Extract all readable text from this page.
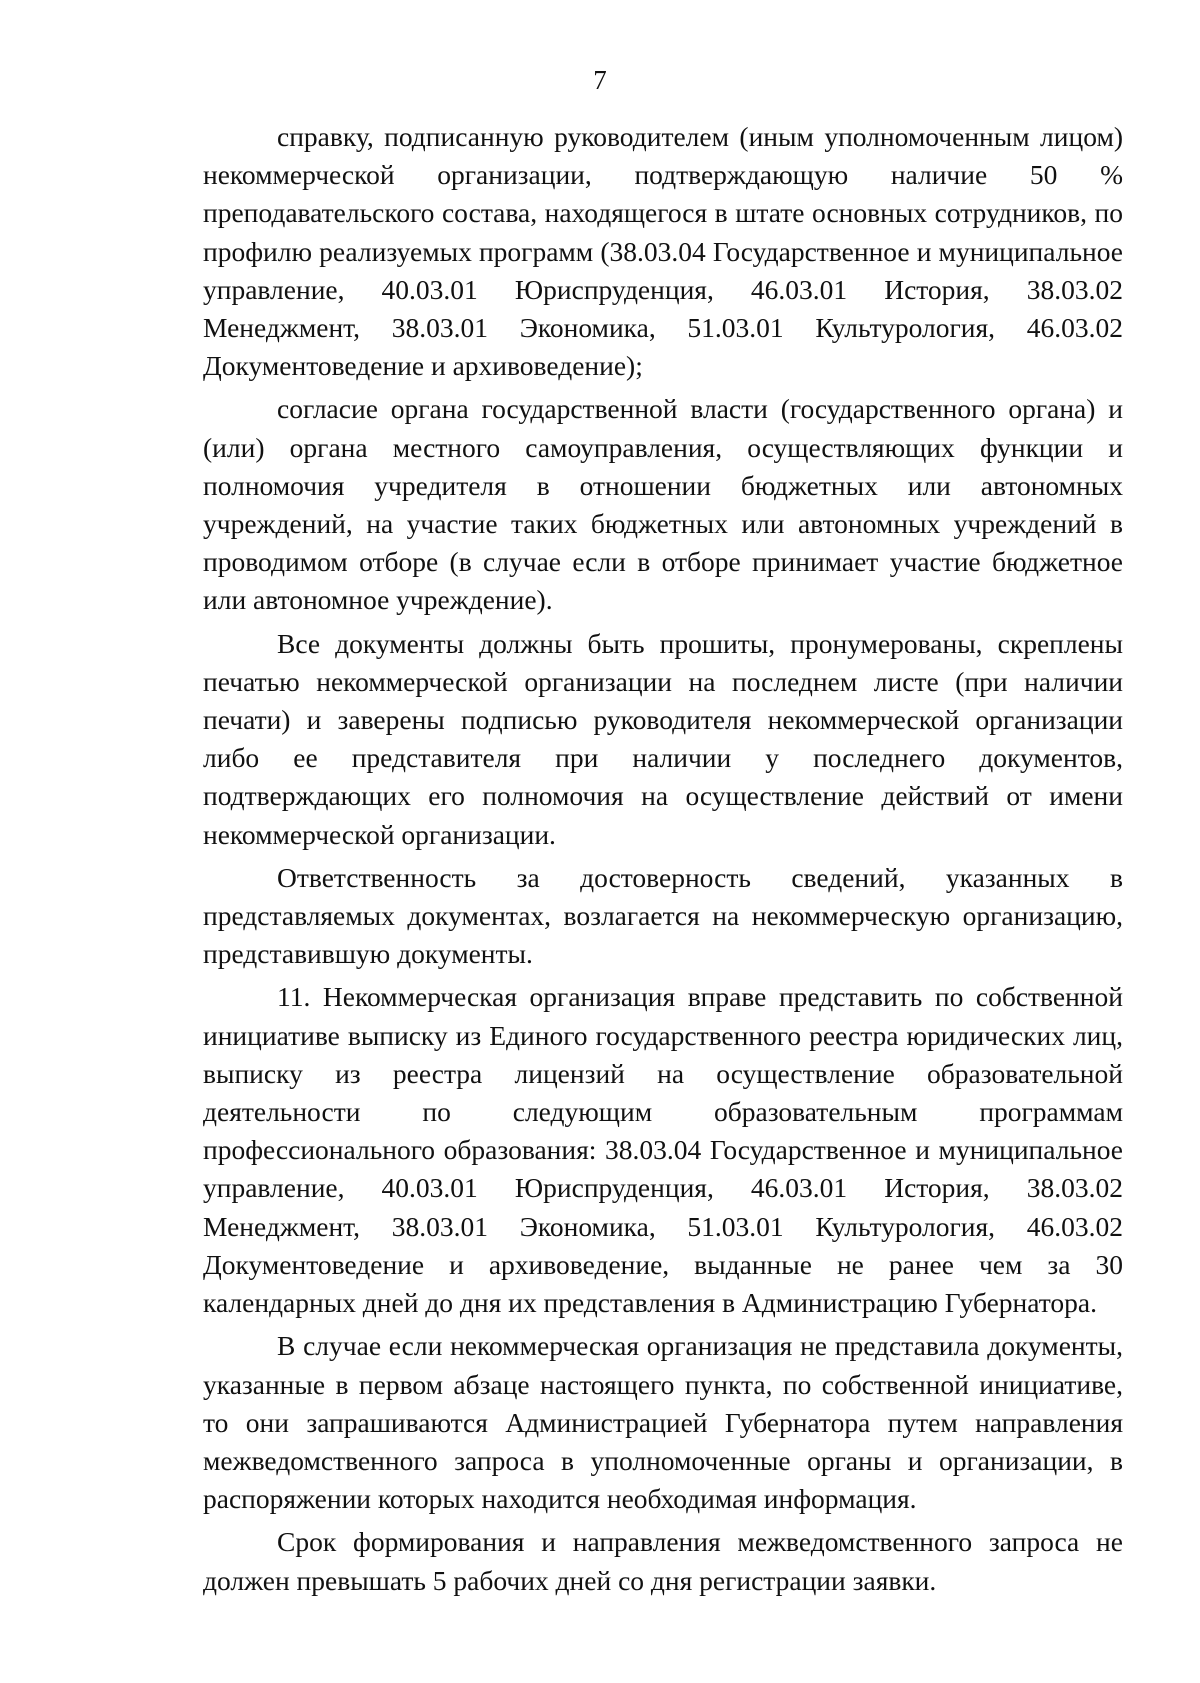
7

справку, подписанную руководителем (иным уполномоченным лицом) некоммерческой организации, подтверждающую наличие 50 % преподавательского состава, находящегося в штате основных сотрудников, по профилю реализуемых программ (38.03.04 Государственное и муниципальное управление, 40.03.01 Юриспруденция, 46.03.01 История, 38.03.02 Менеджмент, 38.03.01 Экономика, 51.03.01 Культурология, 46.03.02 Документоведение и архивоведение);

согласие органа государственной власти (государственного органа) и (или) органа местного самоуправления, осуществляющих функции и полномочия учредителя в отношении бюджетных или автономных учреждений, на участие таких бюджетных или автономных учреждений в проводимом отборе (в случае если в отборе принимает участие бюджетное или автономное учреждение).

Все документы должны быть прошиты, пронумерованы, скреплены печатью некоммерческой организации на последнем листе (при наличии печати) и заверены подписью руководителя некоммерческой организации либо ее представителя при наличии у последнего документов, подтверждающих его полномочия на осуществление действий от имени некоммерческой организации.

Ответственность за достоверность сведений, указанных в представляемых документах, возлагается на некоммерческую организацию, представившую документы.

11. Некоммерческая организация вправе представить по собственной инициативе выписку из Единого государственного реестра юридических лиц, выписку из реестра лицензий на осуществление образовательной деятельности по следующим образовательным программам профессионального образования: 38.03.04 Государственное и муниципальное управление, 40.03.01 Юриспруденция, 46.03.01 История, 38.03.02 Менеджмент, 38.03.01 Экономика, 51.03.01 Культурология, 46.03.02 Документоведение и архивоведение, выданные не ранее чем за 30 календарных дней до дня их представления в Администрацию Губернатора.

В случае если некоммерческая организация не представила документы, указанные в первом абзаце настоящего пункта, по собственной инициативе, то они запрашиваются Администрацией Губернатора путем направления межведомственного запроса в уполномоченные органы и организации, в распоряжении которых находится необходимая информация.

Срок формирования и направления межведомственного запроса не должен превышать 5 рабочих дней со дня регистрации заявки.
